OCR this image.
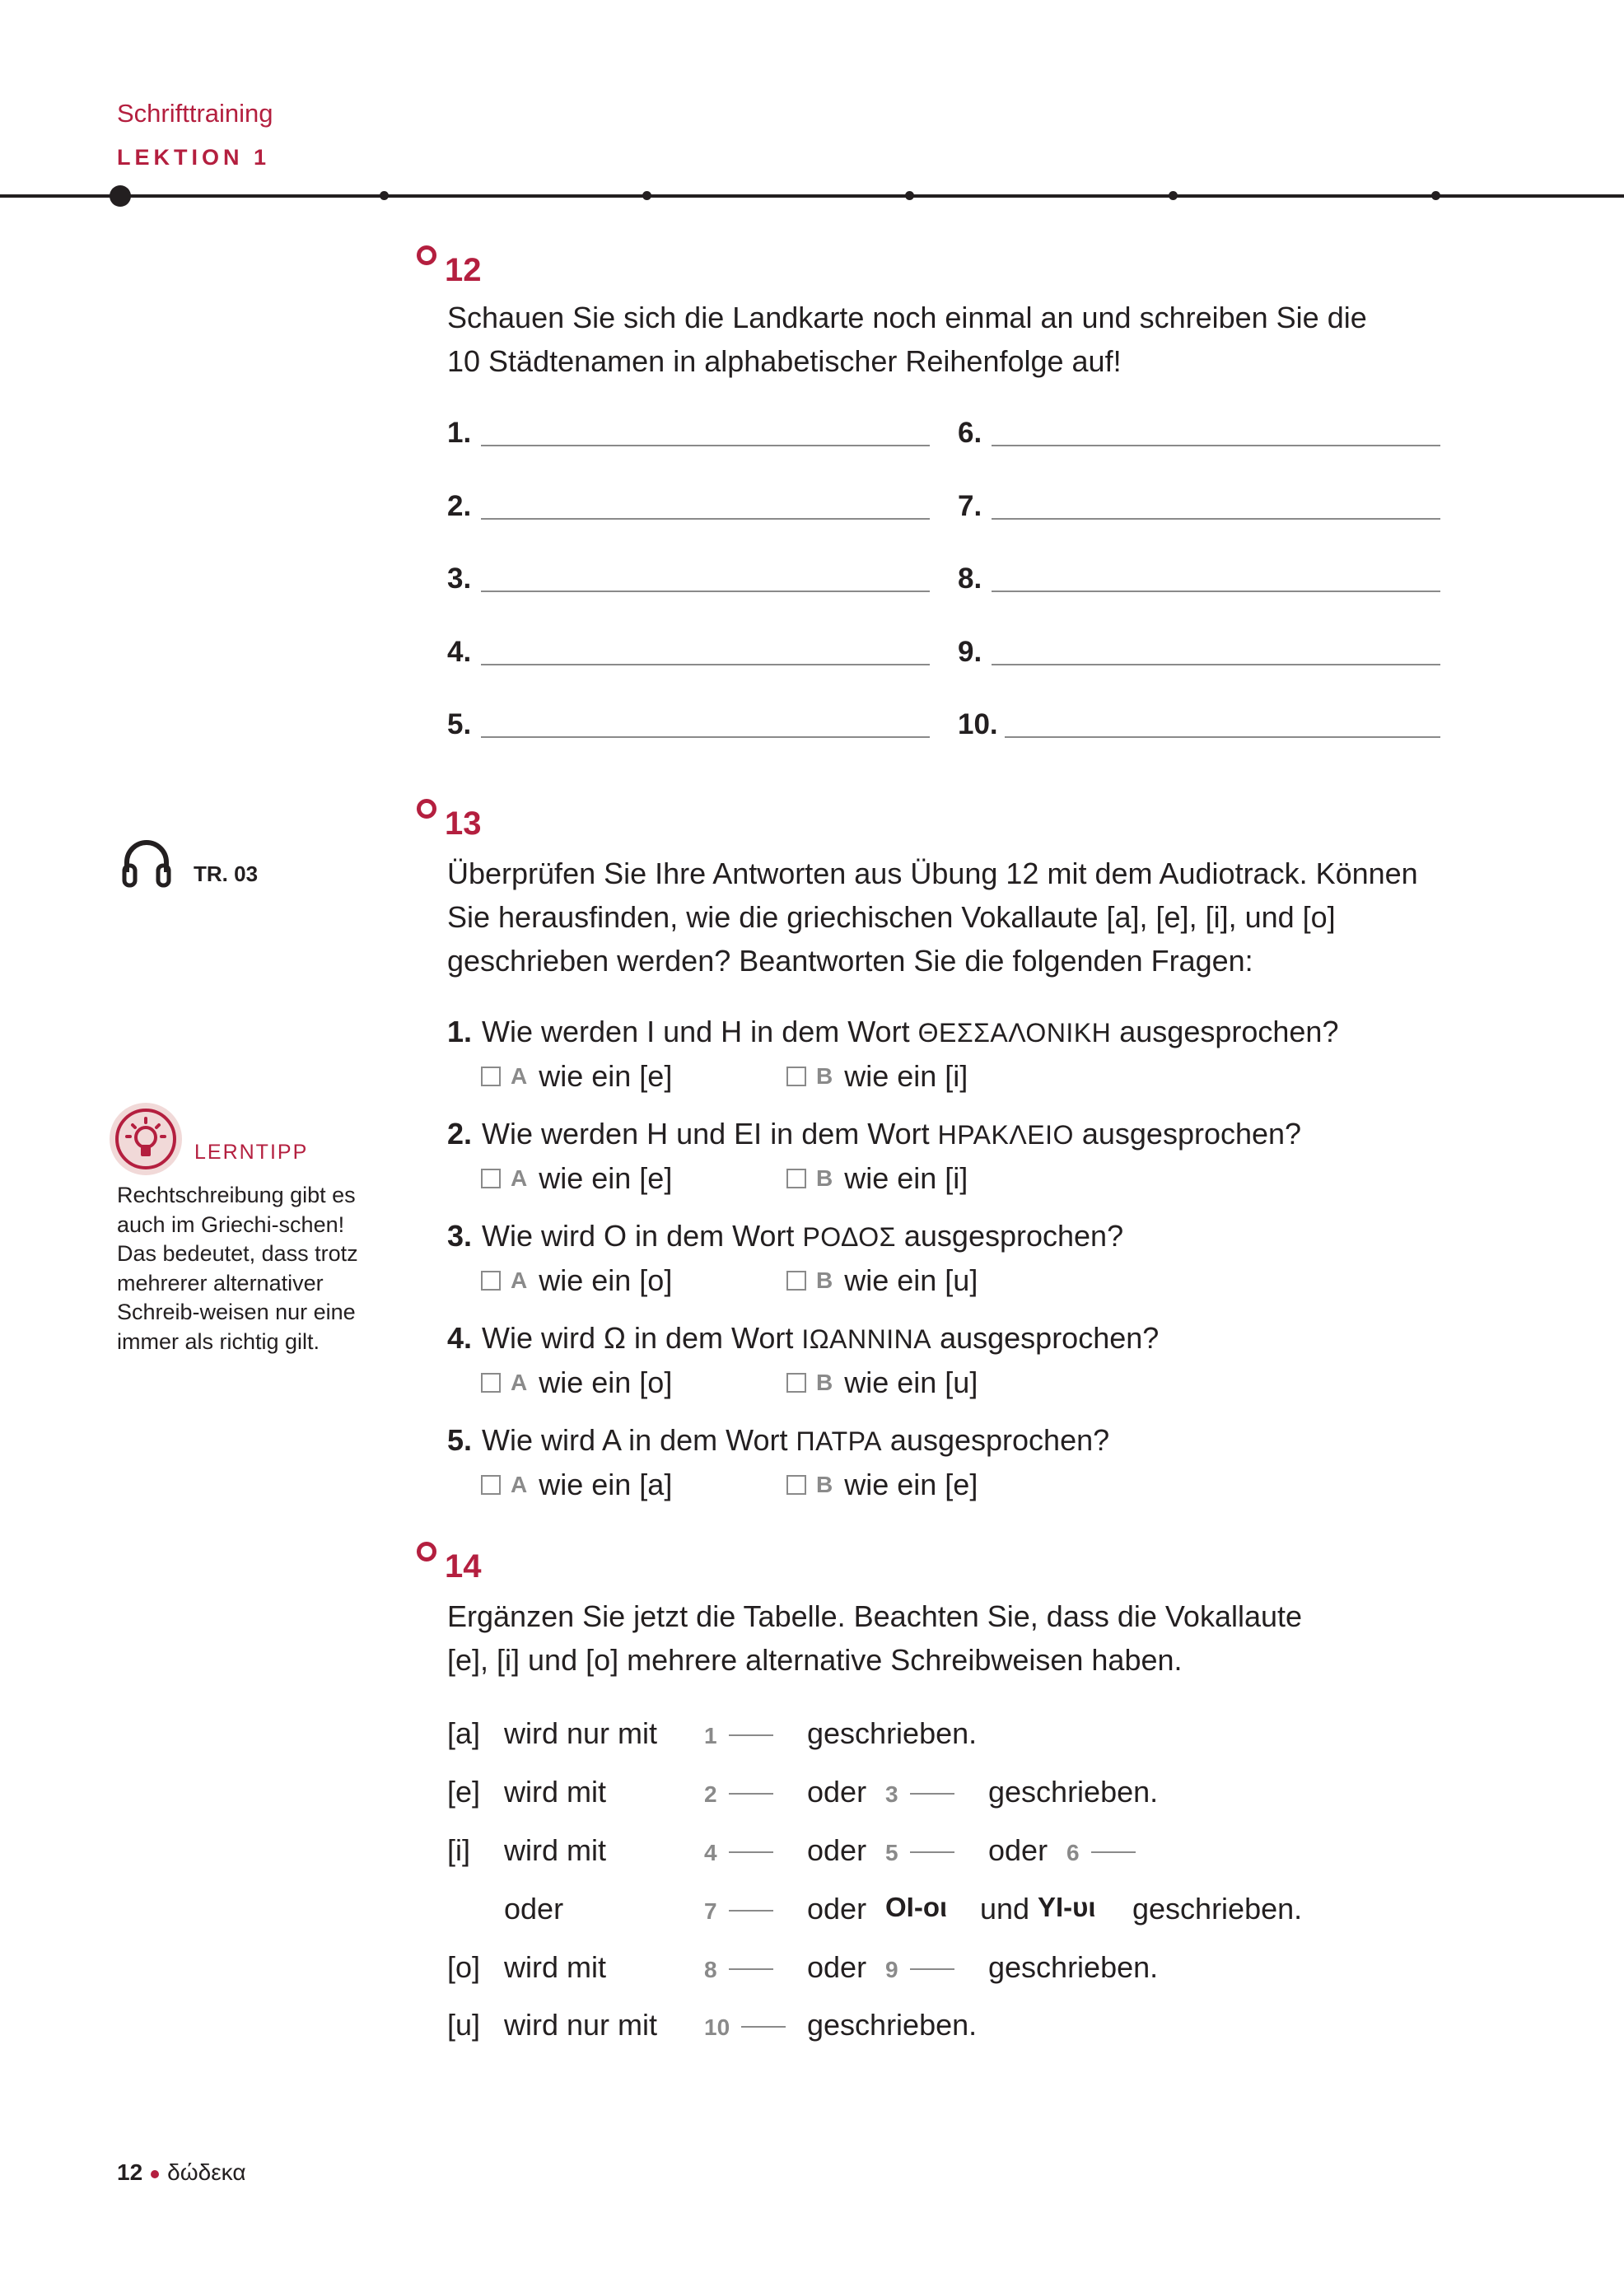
Schrifttraining
LEKTION 1
12
Schauen Sie sich die Landkarte noch einmal an und schreiben Sie die
10 Städtenamen in alphabetischer Reihenfolge auf!
1.
2.
3.
4.
5.
6.
7.
8.
9.
10.
TR. 03
13
Überprüfen Sie Ihre Antworten aus Übung 12 mit dem Audiotrack. Können
Sie herausfinden, wie die griechischen Vokallaute [a], [e], [i], und [o]
geschrieben werden? Beantworten Sie die folgenden Fragen:
1. Wie werden I und H in dem Wort ΘΕΣΣΑΛΟΝΙΚΗ ausgesprochen?
A wie ein [e]	B wie ein [i]
2. Wie werden H und EI in dem Wort ΗΡΑΚΛΕΙΟ ausgesprochen?
A wie ein [e]	B wie ein [i]
3. Wie wird O in dem Wort ΡΟΔΟΣ ausgesprochen?
A wie ein [o]	B wie ein [u]
4. Wie wird Ω in dem Wort ΙΩΑΝΝΙΝΑ ausgesprochen?
A wie ein [o]	B wie ein [u]
5. Wie wird A in dem Wort ΠΑΤΡΑ ausgesprochen?
A wie ein [a]	B wie ein [e]
LERNTIPP
Rechtschreibung gibt es auch im Griechi-schen! Das bedeutet, dass trotz mehrerer alternativer Schreib-weisen nur eine immer als richtig gilt.
14
Ergänzen Sie jetzt die Tabelle. Beachten Sie, dass die Vokallaute
[e], [i] und [o] mehrere alternative Schreibweisen haben.
[a] wird nur mit 1	geschrieben.
[e] wird mit	2	oder 3	geschrieben.
[i] wird mit	4	oder 5	oder 6
oder	7	oder OI-οι und YI-υι geschrieben.
[o] wird mit	8	oder 9	geschrieben.
[u] wird nur mit 10	geschrieben.
12 δώδεκα
